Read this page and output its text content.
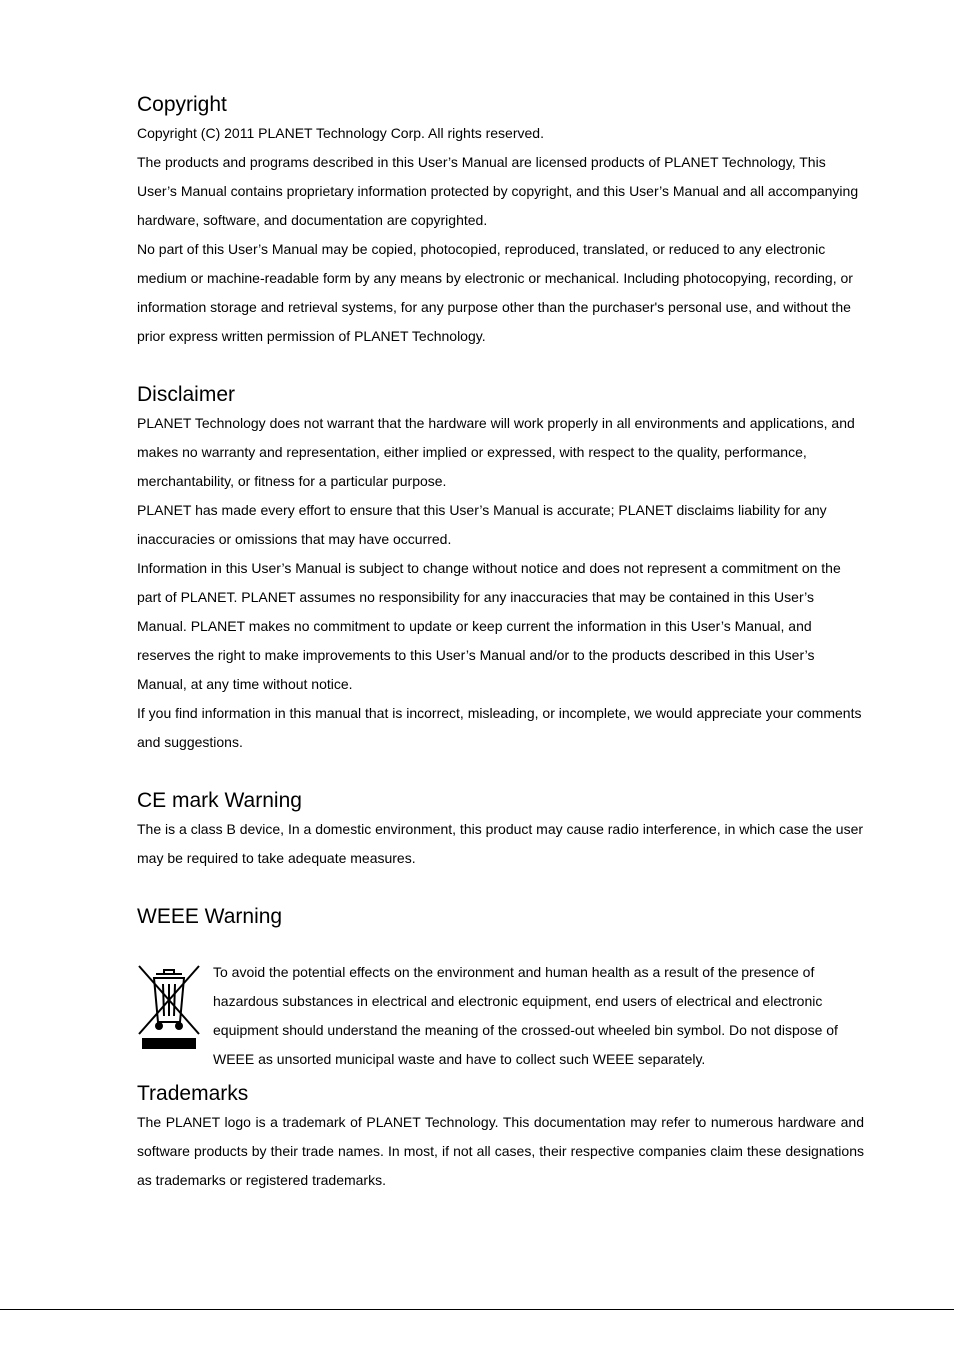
Copyright

Copyright (C) 2011 PLANET Technology Corp. All rights reserved.

The products and programs described in this User’s Manual are licensed products of PLANET Technology, This User’s Manual contains proprietary information protected by copyright, and this User’s Manual and all accompanying hardware, software, and documentation are copyrighted.

No part of this User’s Manual may be copied, photocopied, reproduced, translated, or reduced to any electronic medium or machine-readable form by any means by electronic or mechanical. Including photocopying, recording, or information storage and retrieval systems, for any purpose other than the purchaser's personal use, and without the prior express written permission of PLANET Technology.

Disclaimer

PLANET Technology does not warrant that the hardware will work properly in all environments and applications, and makes no warranty and representation, either implied or expressed, with respect to the quality, performance, merchantability, or fitness for a particular purpose.

PLANET has made every effort to ensure that this User’s Manual is accurate; PLANET disclaims liability for any inaccuracies or omissions that may have occurred.

Information in this User’s Manual is subject to change without notice and does not represent a commitment on the part of PLANET. PLANET assumes no responsibility for any inaccuracies that may be contained in this User’s Manual. PLANET makes no commitment to update or keep current the information in this User’s Manual, and reserves the right to make improvements to this User’s Manual and/or to the products described in this User’s Manual, at any time without notice.

If you find information in this manual that is incorrect, misleading, or incomplete, we would appreciate your comments and suggestions.

CE mark Warning

The is a class B device, In a domestic environment, this product may cause radio interference, in which case the user may be required to take adequate measures.

WEEE Warning

To avoid the potential effects on the environment and human health as a result of the presence of hazardous substances in electrical and electronic equipment, end users of electrical and electronic equipment should understand the meaning of the crossed-out wheeled bin symbol. Do not dispose of WEEE as unsorted municipal waste and have to collect such WEEE separately.

Trademarks

The PLANET logo is a trademark of PLANET Technology. This documentation may refer to numerous hardware and software products by their trade names. In most, if not all cases, their respective companies claim these designations as trademarks or registered trademarks.
